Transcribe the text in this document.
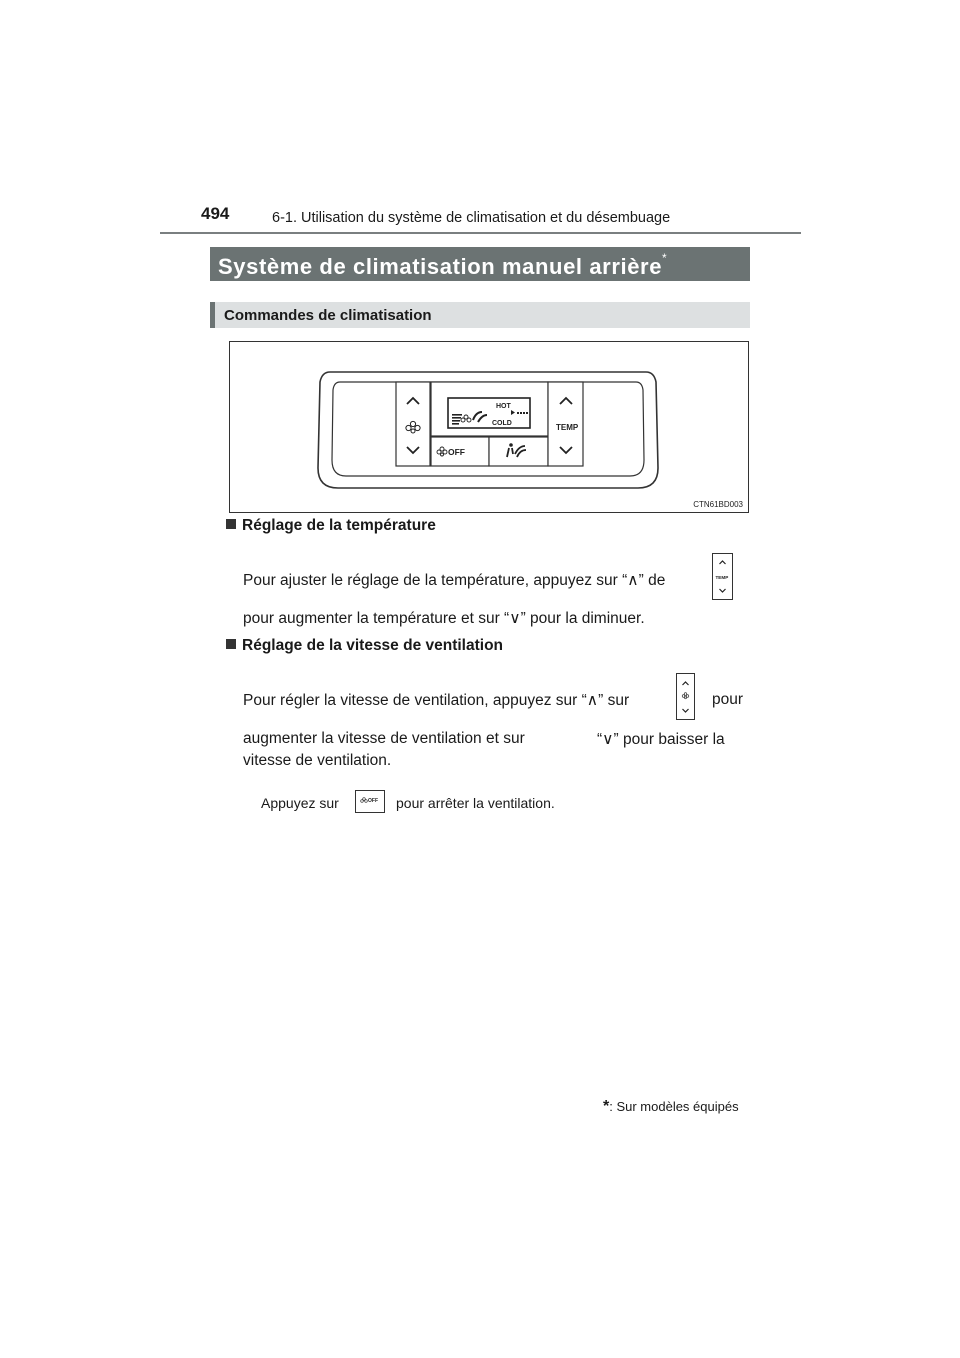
494	6-1. Utilisation du système de climatisation et du désembuage
Système de climatisation manuel arrière*
Commandes de climatisation
HOT
COLD
OFF
TEMP
CTN61BD003
Réglage de la température
Pour ajuster le réglage de la température, appuyez sur “∧” de	TEMP
pour augmenter la température et sur “∨” pour la diminuer.
Réglage de la vitesse de ventilation
Pour régler la vitesse de ventilation, appuyez sur “∧” sur	pour
augmenter la vitesse de ventilation et sur	“∨” pour baisser la
vitesse de ventilation.
Appuyez sur	OFF pour arrêter la ventilation.
*: Sur modèles équipés
